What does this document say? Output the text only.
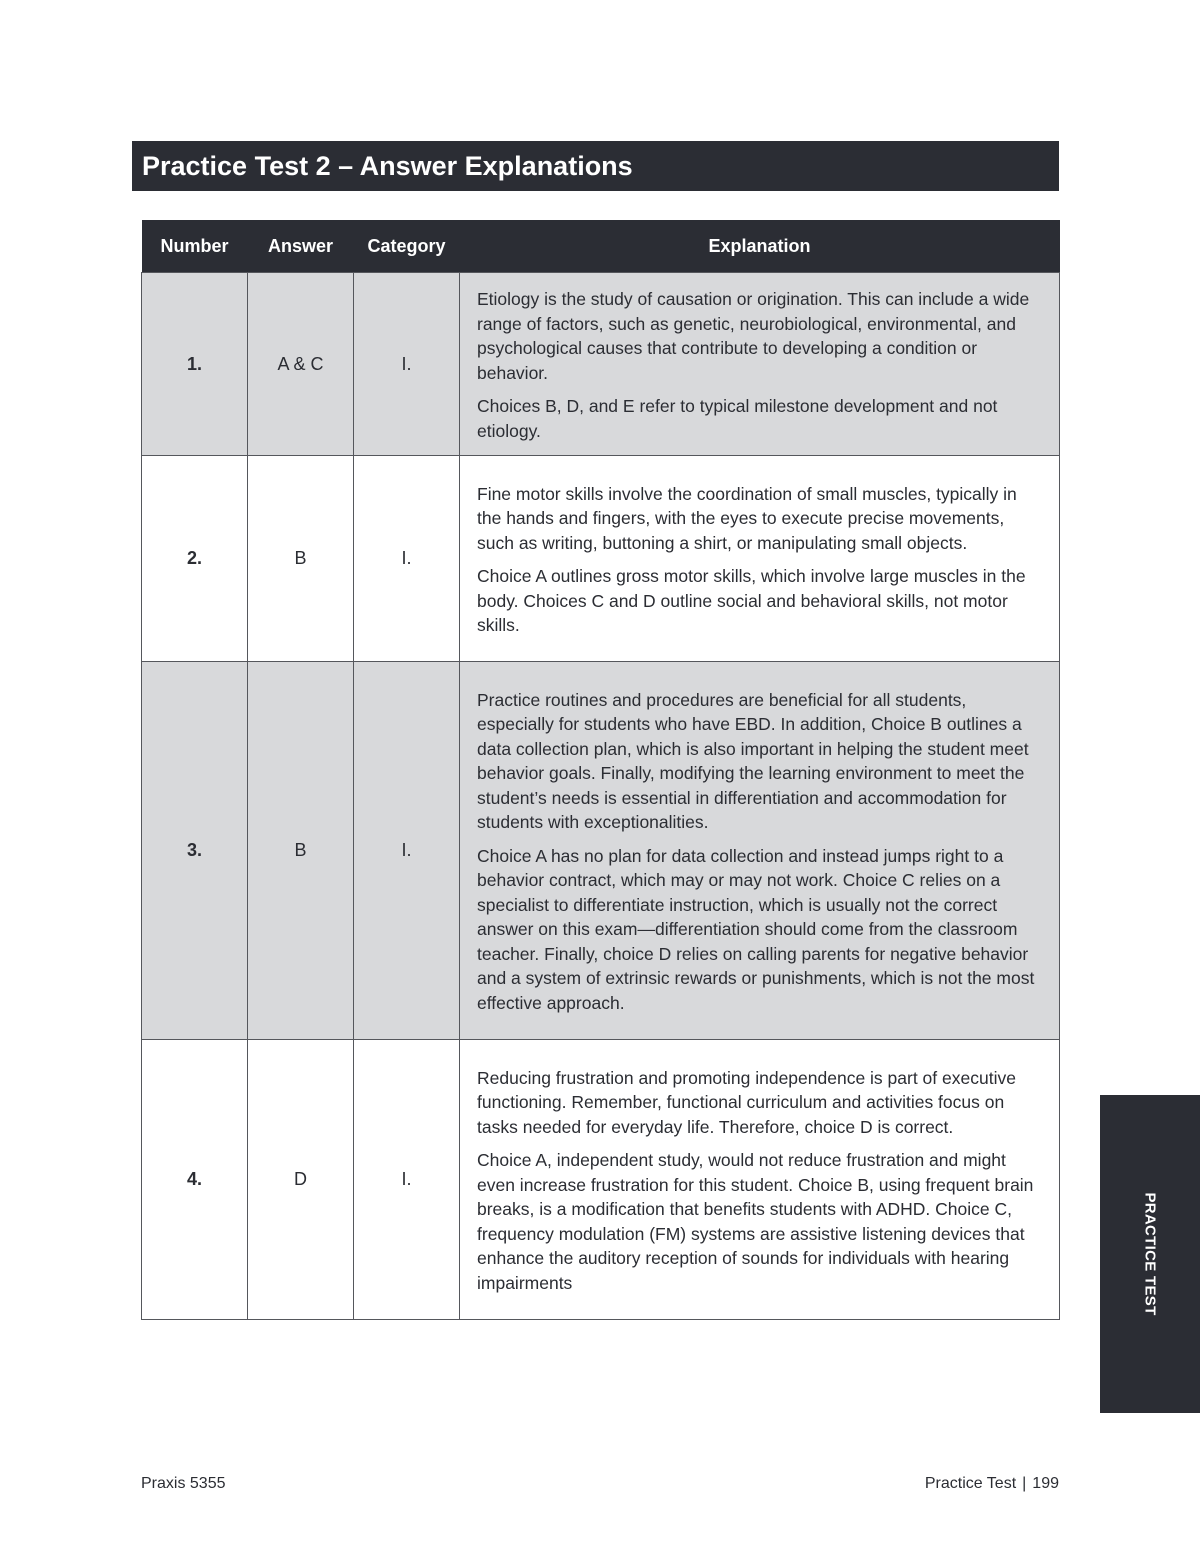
Practice Test 2 – Answer Explanations
Number	Answer	Category	Explanation
1.	A & C	I.	Etiology is the study of causation or origination. This can include a wide range of factors, such as genetic, neurobiological, environmental, and psychological causes that contribute to developing a condition or behavior.

Choices B, D, and E refer to typical milestone development and not etiology.

2.	B	I.	Fine motor skills involve the coordination of small muscles, typically in the hands and fingers, with the eyes to execute precise movements, such as writing, buttoning a shirt, or manipulating small objects.

Choice A outlines gross motor skills, which involve large muscles in the body. Choices C and D outline social and behavioral skills, not motor skills.

3.	B	I.	Practice routines and procedures are beneficial for all students, especially for students who have EBD. In addition, Choice B outlines a data collection plan, which is also important in helping the student meet behavior goals. Finally, modifying the learning environment to meet the student’s needs is essential in differentiation and accommodation for students with exceptionalities.

Choice A has no plan for data collection and instead jumps right to a behavior contract, which may or may not work. Choice C relies on a specialist to differentiate instruction, which is usually not the correct answer on this exam—differentiation should come from the classroom teacher. Finally, choice D relies on calling parents for negative behavior and a system of extrinsic rewards or punishments, which is not the most effective approach.

4.	D	I.	Reducing frustration and promoting independence is part of executive functioning. Remember, functional curriculum and activities focus on tasks needed for everyday life. Therefore, choice D is correct.

Choice A, independent study, would not reduce frustration and might even increase frustration for this student. Choice B, using frequent brain breaks, is a modification that benefits students with ADHD. Choice C, frequency modulation (FM) systems are assistive listening devices that enhance the auditory reception of sounds for individuals with hearing impairments	PRACTICE TEST
Praxis 5355	Practice Test | 199
